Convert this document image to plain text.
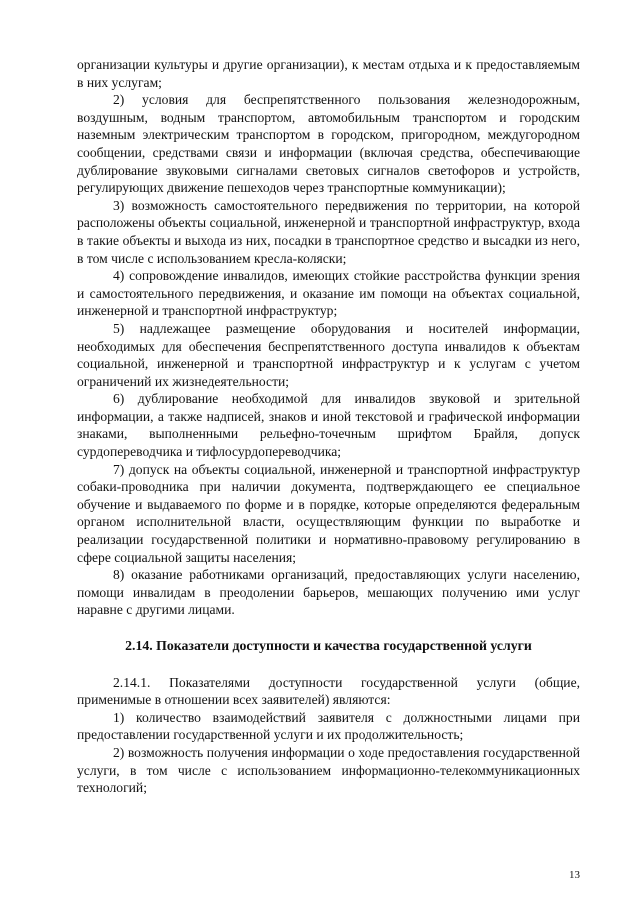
организации культуры и другие организации), к местам отдыха и к предоставляемым в них услугам;

2) условия для беспрепятственного пользования железнодорожным, воздушным, водным транспортом, автомобильным транспортом и городским наземным электрическим транспортом в городском, пригородном, междугородном сообщении, средствами связи и информации (включая средства, обеспечивающие дублирование звуковыми сигналами световых сигналов светофоров и устройств, регулирующих движение пешеходов через транспортные коммуникации);

3) возможность самостоятельного передвижения по территории, на которой расположены объекты социальной, инженерной и транспортной инфраструктур, входа в такие объекты и выхода из них, посадки в транспортное средство и высадки из него, в том числе с использованием кресла-коляски;

4) сопровождение инвалидов, имеющих стойкие расстройства функции зрения и самостоятельного передвижения, и оказание им помощи на объектах социальной, инженерной и транспортной инфраструктур;

5) надлежащее размещение оборудования и носителей информации, необходимых для обеспечения беспрепятственного доступа инвалидов к объектам социальной, инженерной и транспортной инфраструктур и к услугам с учетом ограничений их жизнедеятельности;

6) дублирование необходимой для инвалидов звуковой и зрительной информации, а также надписей, знаков и иной текстовой и графической информации знаками, выполненными рельефно-точечным шрифтом Брайля, допуск сурдопереводчика и тифлосурдопереводчика;

7) допуск на объекты социальной, инженерной и транспортной инфраструктур собаки-проводника при наличии документа, подтверждающего ее специальное обучение и выдаваемого по форме и в порядке, которые определяются федеральным органом исполнительной власти, осуществляющим функции по выработке и реализации государственной политики и нормативно-правовому регулированию в сфере социальной защиты населения;

8) оказание работниками организаций, предоставляющих услуги населению, помощи инвалидам в преодолении барьеров, мешающих получению ими услуг наравне с другими лицами.

2.14. Показатели доступности и качества государственной услуги

2.14.1. Показателями доступности государственной услуги (общие, применимые в отношении всех заявителей) являются:

1) количество взаимодействий заявителя с должностными лицами при предоставлении государственной услуги и их продолжительность;

2) возможность получения информации о ходе предоставления государственной услуги, в том числе с использованием информационно-телекоммуникационных технологий;

13
